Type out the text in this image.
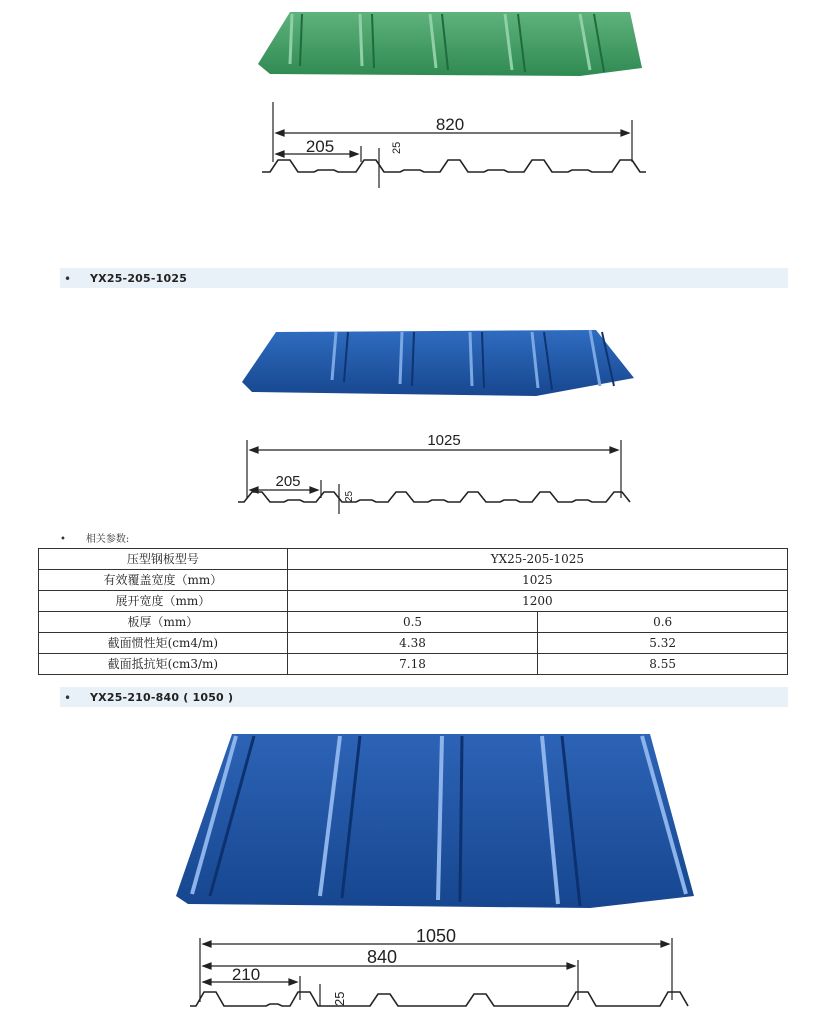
820
205	25
• YX25-205-1025
1025
205
25
• 相关参数:
压型钢板型号	YX25-205-1025	
有效覆盖宽度（mm）	1025	
展开宽度（mm）	1200	
板厚（mm）	0.5	0.6
截面惯性矩(cm4/m)	4.38	5.32
截面抵抗矩(cm3/m)	7.18	8.55
• YX25-210-840 ( 1050 )
1050
840
210
25
